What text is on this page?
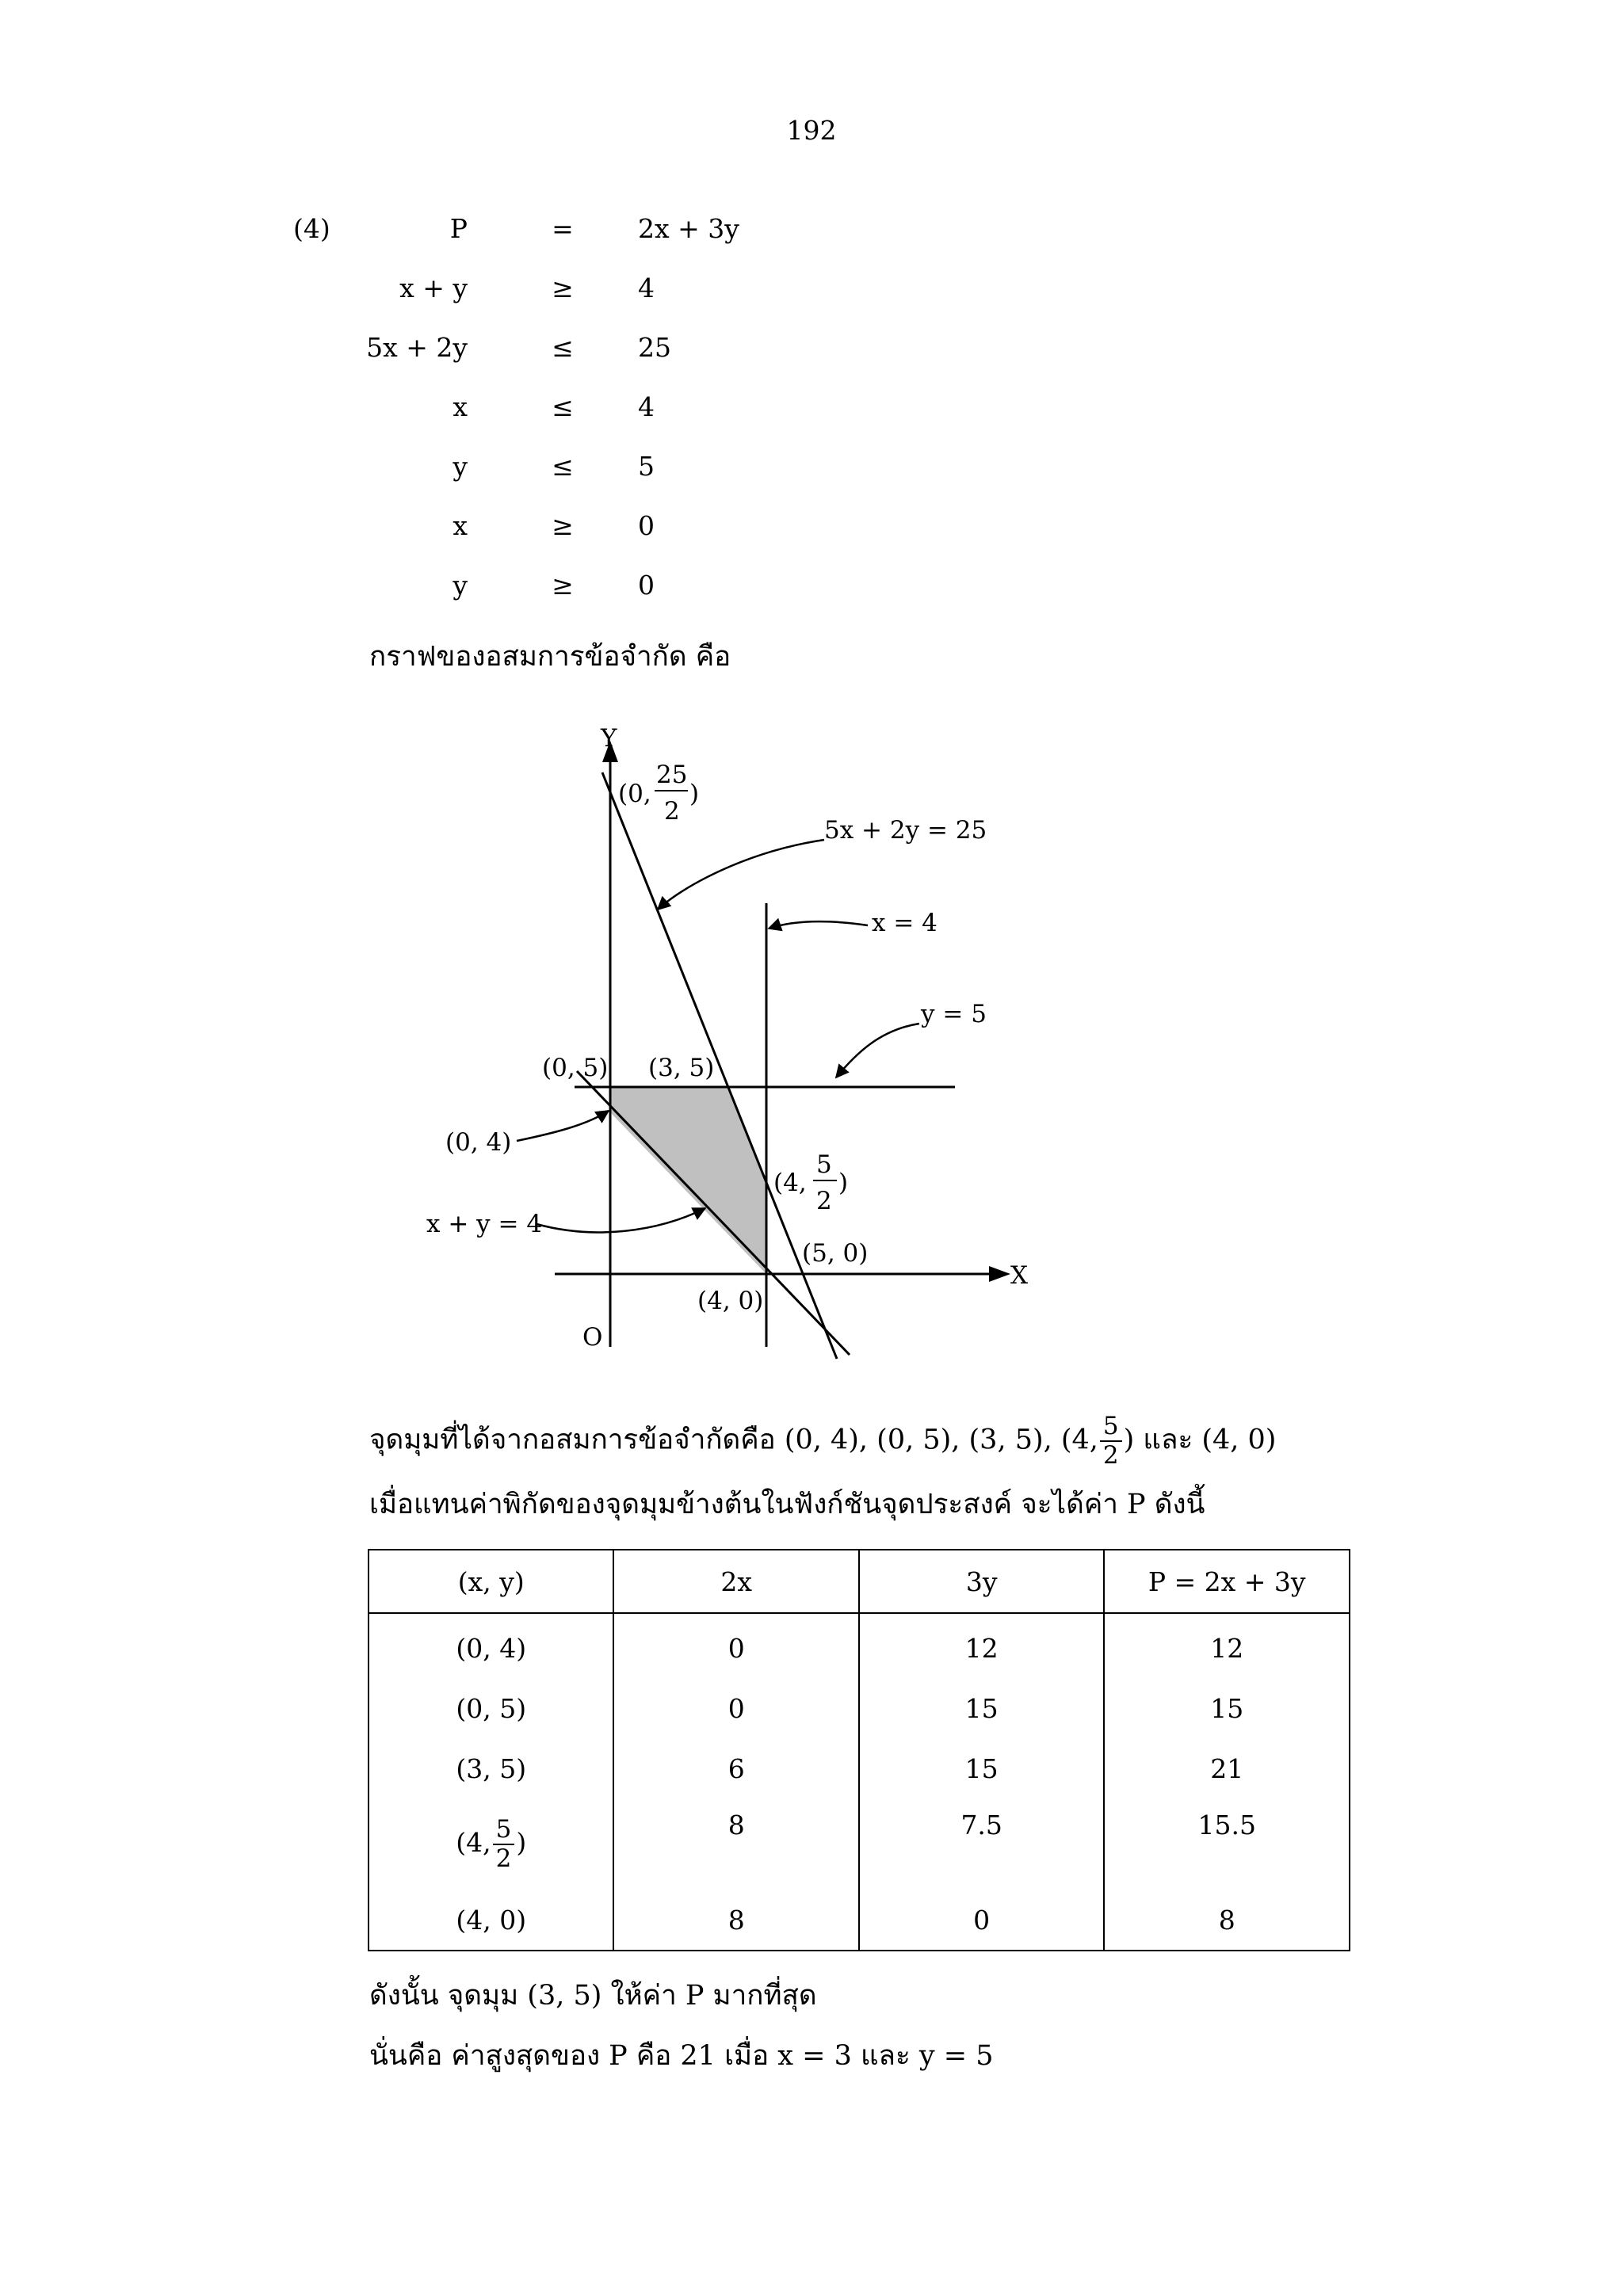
192
(4)	P	= 2x + 3y
x + y	≥ 4
5x + 2y	≤ 25
x	≤ 4
y	≤ 5
x	≥ 0
y	≥ 0
กราฟของอสมการข้อจำกัด คือ
Y
X
O
5x + 2y = 25
x = 4
y = 5
x + y = 4
(0,
25
2
)
(0, 5) (3, 5)
(0, 4)
(4,
5
2
)
(5, 0)
(4, 0)
จุดมุมที่ได้จากอสมการข้อจำกัดคือ (0, 4), (0, 5), (3, 5), (4, $\frac{5}{2}$ ) และ (4, 0)
เมื่อแทนค่าพิกัดของจุดมุมข้างต้นในฟังก์ชันจุดประสงค์ จะได้ค่า P ดังนี้
(x, y)	2x	3y	P = 2x + 3y
(0, 4)	0	12	12
(0, 5)	0	15	15
(3, 5)	6	15	21
(4, $\frac{5}{2}$ )	8	7.5	15.5
(4, 0)	8	0	8
ดังนั้น จุดมุม (3, 5) ให้ค่า P มากที่สุด
นั่นคือ ค่าสูงสุดของ P คือ 21 เมื่อ x = 3 และ y = 5
